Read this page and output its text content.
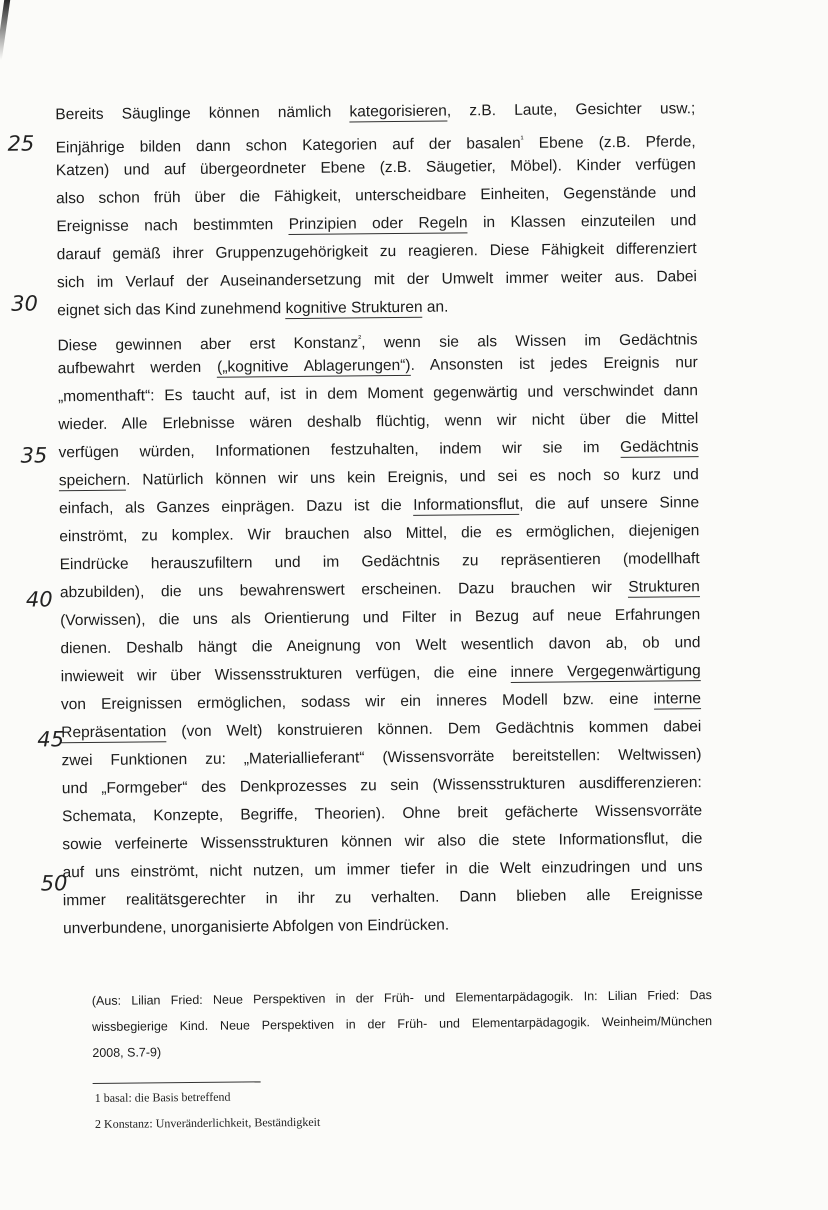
Bereits Säuglinge können nämlich kategorisieren, z.B. Laute, Gesichter usw.;
Einjährige bilden dann schon Kategorien auf der basalen$^{^1}$ Ebene (z.B. Pferde,
Katzen) und auf übergeordneter Ebene (z.B. Säugetier, Möbel). Kinder verfügen
also schon früh über die Fähigkeit, unterscheidbare Einheiten, Gegenstände und
Ereignisse nach bestimmten Prinzipien oder Regeln in Klassen einzuteilen und
darauf gemäß ihrer Gruppenzugehörigkeit zu reagieren. Diese Fähigkeit differenziert
sich im Verlauf der Auseinandersetzung mit der Umwelt immer weiter aus. Dabei
eignet sich das Kind zunehmend kognitive Strukturen an.
Diese gewinnen aber erst Konstanz$^{^2}$, wenn sie als Wissen im Gedächtnis
aufbewahrt werden („kognitive Ablagerungen“). Ansonsten ist jedes Ereignis nur
„momenthaft“: Es taucht auf, ist in dem Moment gegenwärtig und verschwindet dann
wieder. Alle Erlebnisse wären deshalb flüchtig, wenn wir nicht über die Mittel
verfügen würden, Informationen festzuhalten, indem wir sie im Gedächtnis
speichern. Natürlich können wir uns kein Ereignis, und sei es noch so kurz und
einfach, als Ganzes einprägen. Dazu ist die Informationsflut, die auf unsere Sinne
einströmt, zu komplex. Wir brauchen also Mittel, die es ermöglichen, diejenigen
Eindrücke herauszufiltern und im Gedächtnis zu repräsentieren (modellhaft
abzubilden), die uns bewahrenswert erscheinen. Dazu brauchen wir Strukturen
(Vorwissen), die uns als Orientierung und Filter in Bezug auf neue Erfahrungen
dienen. Deshalb hängt die Aneignung von Welt wesentlich davon ab, ob und
inwieweit wir über Wissensstrukturen verfügen, die eine innere Vergegenwärtigung
von Ereignissen ermöglichen, sodass wir ein inneres Modell bzw. eine interne
Repräsentation (von Welt) konstruieren können. Dem Gedächtnis kommen dabei
zwei Funktionen zu: „Materiallieferant“ (Wissensvorräte bereitstellen: Weltwissen)
und „Formgeber“ des Denkprozesses zu sein (Wissensstrukturen ausdifferenzieren:
Schemata, Konzepte, Begriffe, Theorien). Ohne breit gefächerte Wissensvorräte
sowie verfeinerte Wissensstrukturen können wir also die stete Informationsflut, die
auf uns einströmt, nicht nutzen, um immer tiefer in die Welt einzudringen und uns
immer realitätsgerechter in ihr zu verhalten. Dann blieben alle Ereignisse
unverbundene, unorganisierte Abfolgen von Eindrücken.
25
30
35
40
45
50
(Aus: Lilian Fried: Neue Perspektiven in der Früh- und Elementarpädagogik. In: Lilian Fried: Das
wissbegierige Kind. Neue Perspektiven in der Früh- und Elementarpädagogik. Weinheim/München
2008, S.7-9)
1 basal: die Basis betreffend
2 Konstanz: Unveränderlichkeit, Beständigkeit
